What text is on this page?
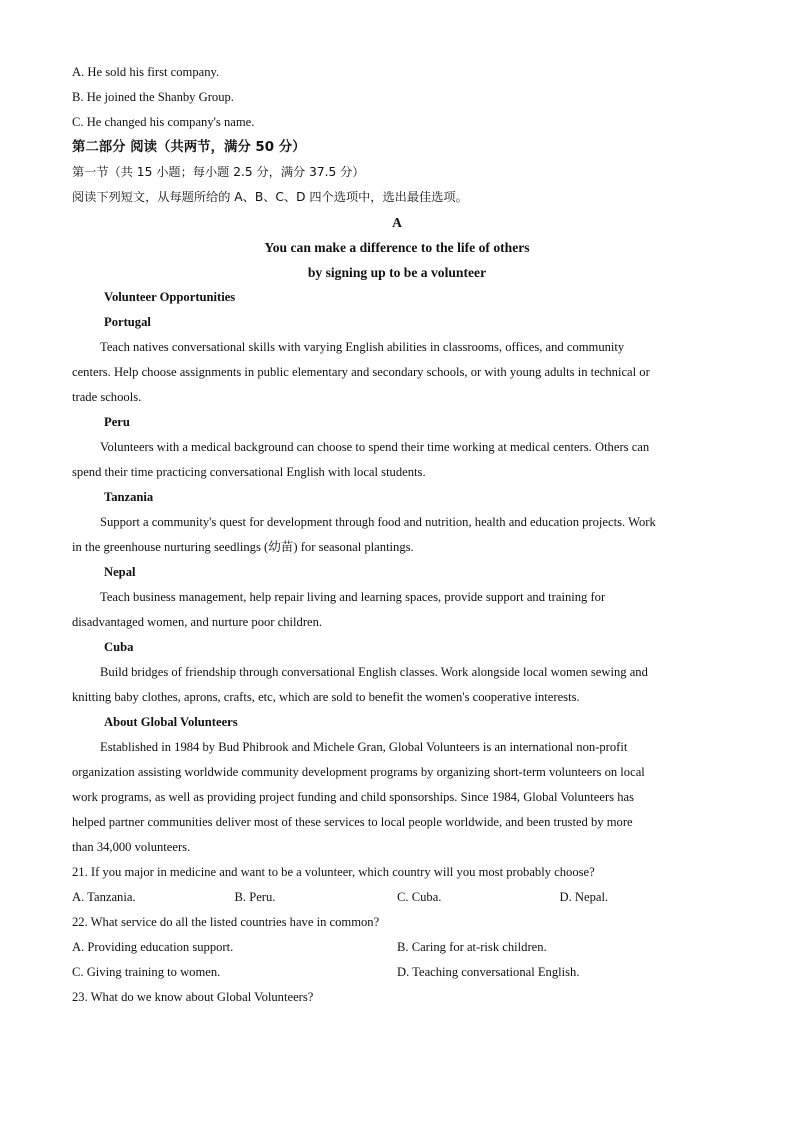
A. He sold his first company.
B. He joined the Shanby Group.
C. He changed his company's name.
第二部分 阅读（共两节，满分 50 分）
第一节（共 15 小题；每小题 2.5 分，满分 37.5 分）
阅读下列短文，从每题所给的 A、B、C、D 四个选项中，选出最佳选项。
A
You can make a difference to the life of others
by signing up to be a volunteer
Volunteer Opportunities
Portugal
Teach natives conversational skills with varying English abilities in classrooms, offices, and community
centers. Help choose assignments in public elementary and secondary schools, or with young adults in technical or
trade schools.
Peru
Volunteers with a medical background can choose to spend their time working at medical centers. Others can
spend their time practicing conversational English with local students.
Tanzania
Support a community's quest for development through food and nutrition, health and education projects. Work
in the greenhouse nurturing seedlings (幼苗) for seasonal plantings.
Nepal
Teach business management, help repair living and learning spaces, provide support and training for
disadvantaged women, and nurture poor children.
Cuba
Build bridges of friendship through conversational English classes. Work alongside local women sewing and
knitting baby clothes, aprons, crafts, etc, which are sold to benefit the women's cooperative interests.
About Global Volunteers
Established in 1984 by Bud Phibrook and Michele Gran, Global Volunteers is an international non-profit
organization assisting worldwide community development programs by organizing short-term volunteers on local
work programs, as well as providing project funding and child sponsorships. Since 1984, Global Volunteers has
helped partner communities deliver most of these services to local people worldwide, and been trusted by more
than 34,000 volunteers.
21. If you major in medicine and want to be a volunteer, which country will you most probably choose?
A. Tanzania.	B. Peru.	C. Cuba.	D. Nepal.
22. What service do all the listed countries have in common?
A. Providing education support.	B. Caring for at-risk children.
C. Giving training to women.	D. Teaching conversational English.
23. What do we know about Global Volunteers?
